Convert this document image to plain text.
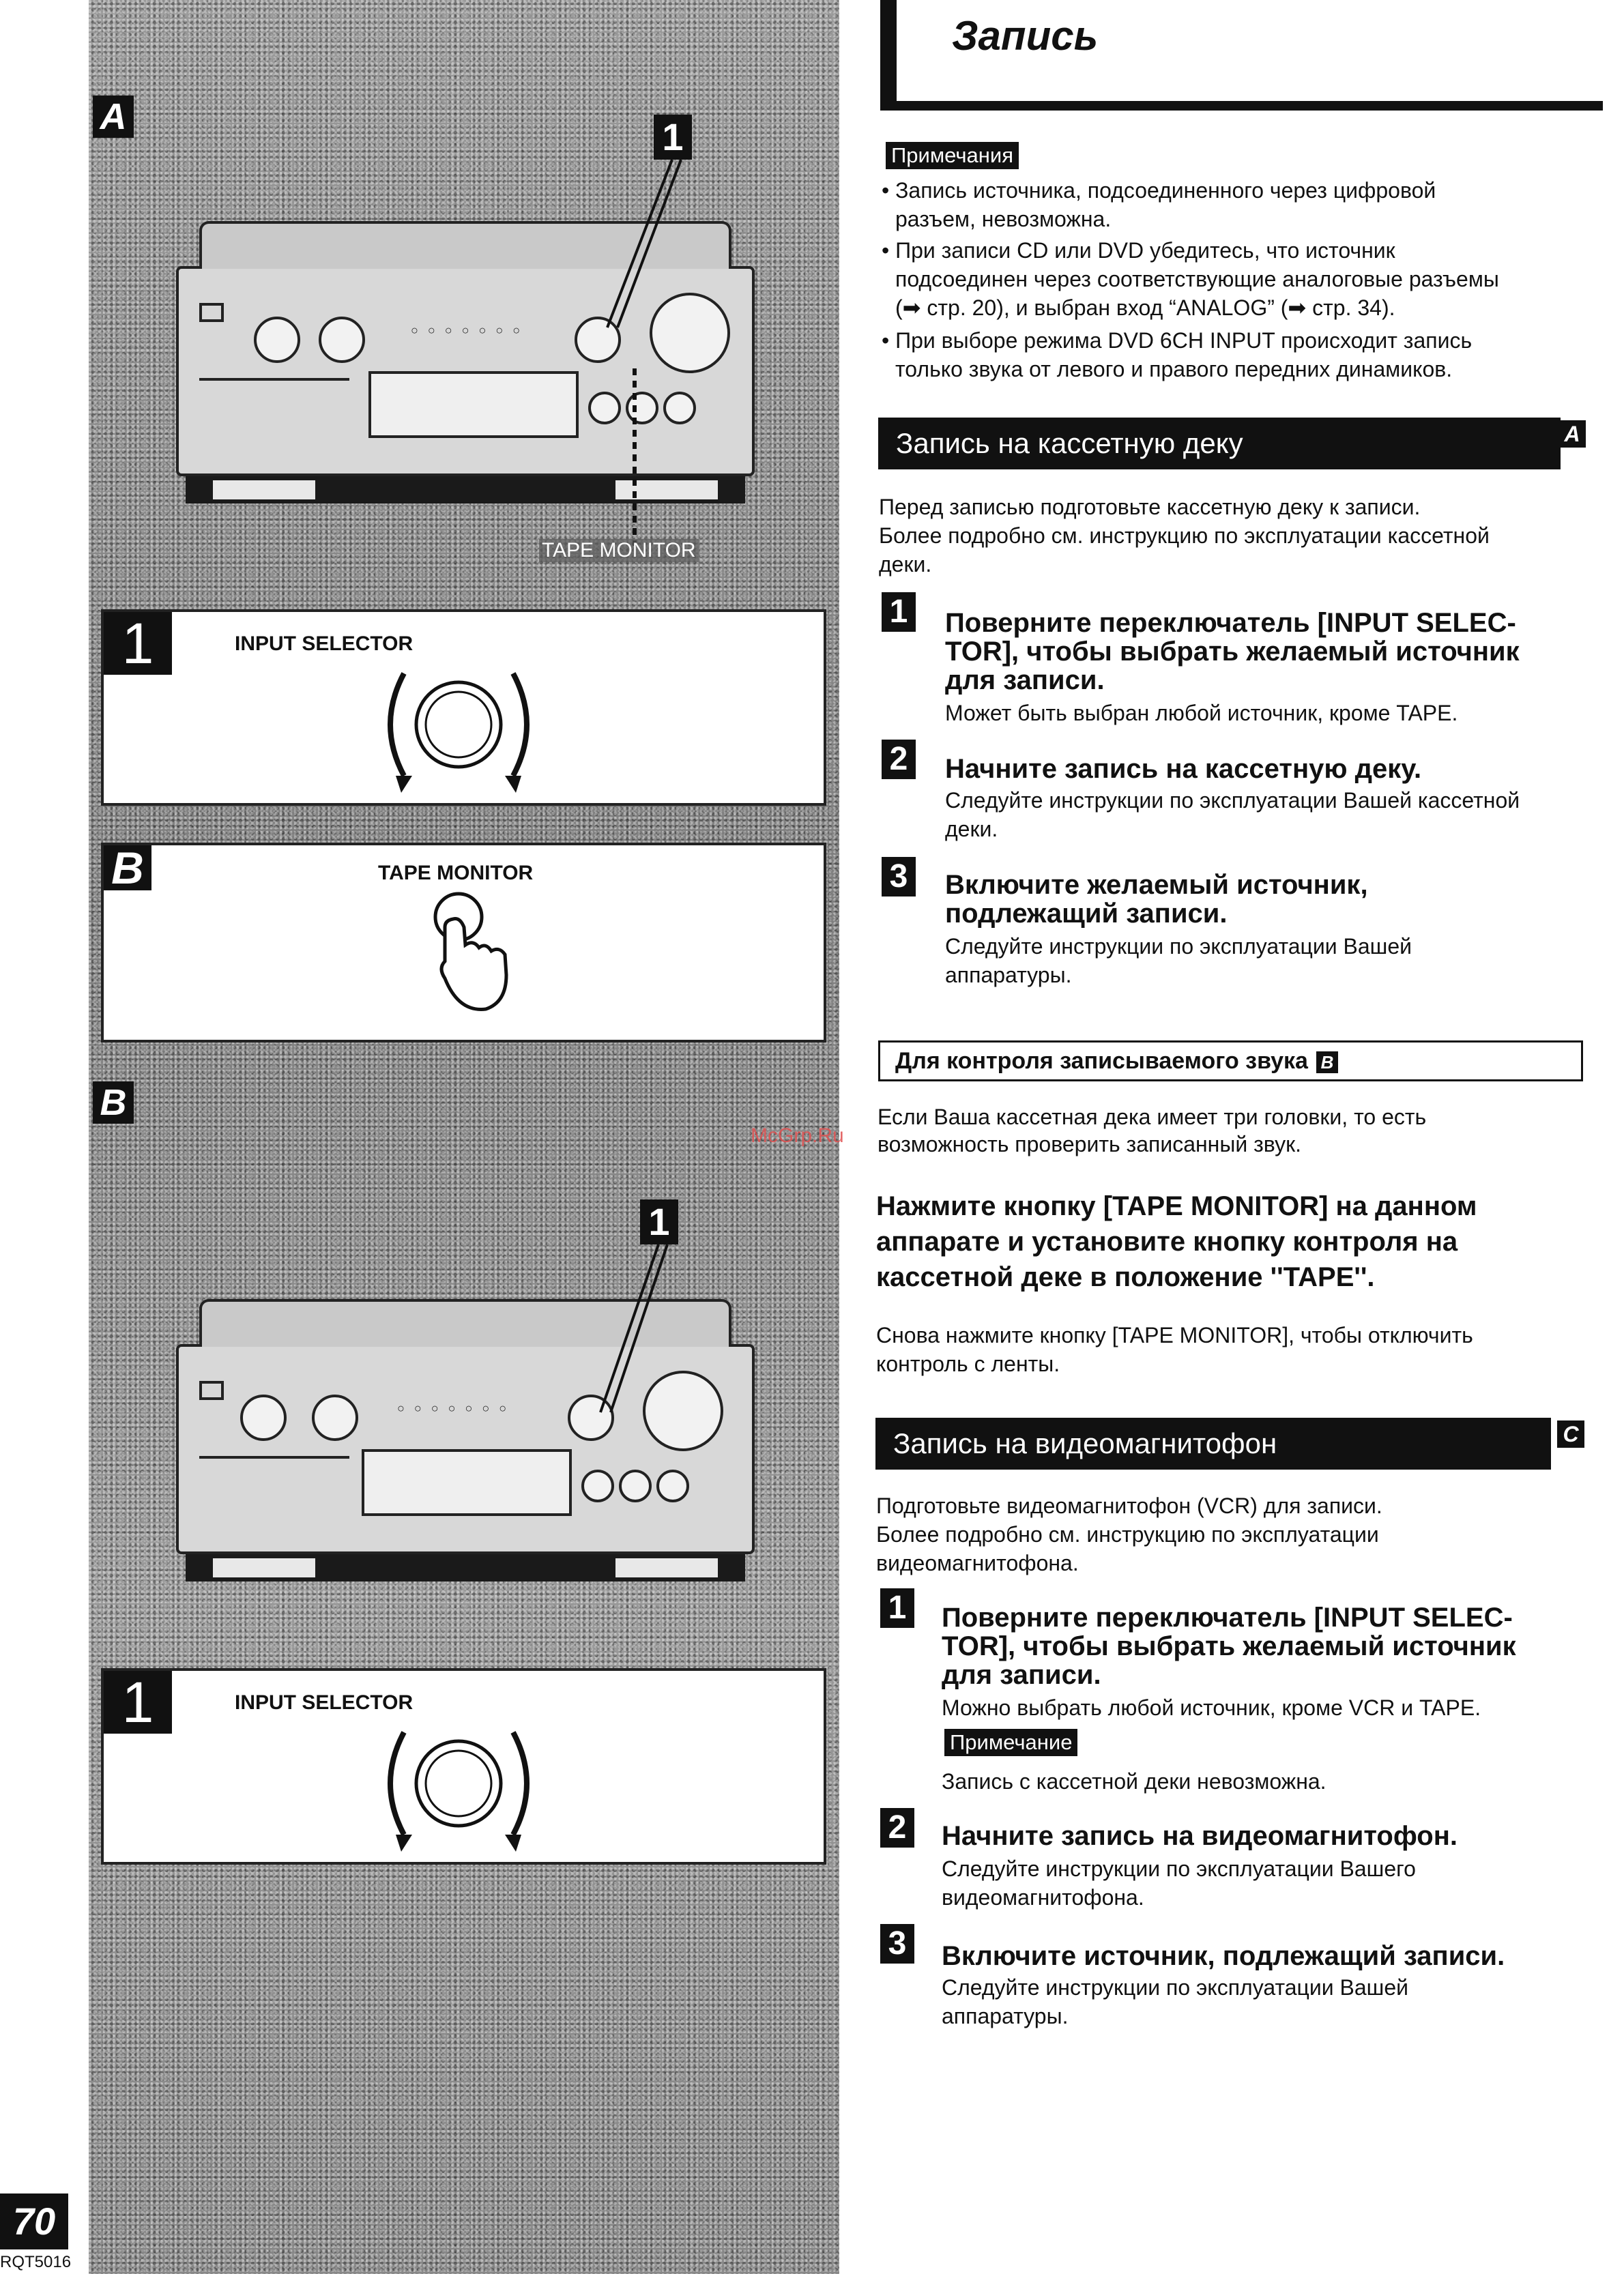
A
○○○○○○○
1
TAPE MONITOR
1	INPUT SELECTOR
B	TAPE MONITOR
B
○○○○○○○
1
1	INPUT SELECTOR
70
RQT5016
Запись
Примечания
• Запись источника, подсоединенного через цифровой
разъем, невозможна.
• При записи CD или DVD убедитесь, что источник
подсоединен через соответствующие аналоговые разъемы
(➡ стр. 20), и выбран вход “ANALOG” (➡ стр. 34).
• При выборе режима DVD 6CH INPUT происходит запись
только звука от левого и правого передних динамиков.
Запись на кассетную деку	A
Перед записью подготовьте кассетную деку к записи.
Более подробно см. инструкцию по эксплуатации кассетной
деки.
1 Поверните переключатель [INPUT SELEC-
TOR], чтобы выбрать желаемый источник
для записи.
Может быть выбран любой источник, кроме TAPE.
2 Начните запись на кассетную деку.
Следуйте инструкции по эксплуатации Вашей кассетной
деки.
3 Включите желаемый источник,
подлежащий записи.
Следуйте инструкции по эксплуатации Вашей
аппаратуры.
Для контроля записываемого звука B
Если Ваша кассетная дека имеет три головки, то есть
возможность проверить записанный звук.
McGrp.Ru
Нажмите кнопку [TAPE MONITOR] на данном
аппарате и установите кнопку контроля на
кассетной деке в положение ''TAPE''.
Снова нажмите кнопку [TAPE MONITOR], чтобы отключить
контроль с ленты.
Запись на видеомагнитофон	C
Подготовьте видеомагнитофон (VCR) для записи.
Более подробно см. инструкцию по эксплуатации
видеомагнитофона.
1 Поверните переключатель [INPUT SELEC-
TOR], чтобы выбрать желаемый источник
для записи.
Можно выбрать любой источник, кроме VCR и TAPE.
Примечание
Запись с кассетной деки невозможна.
2 Начните запись на видеомагнитофон.
Следуйте инструкции по эксплуатации Вашего
видеомагнитофона.
3 Включите источник, подлежащий записи.
Следуйте инструкции по эксплуатации Вашей
аппаратуры.
